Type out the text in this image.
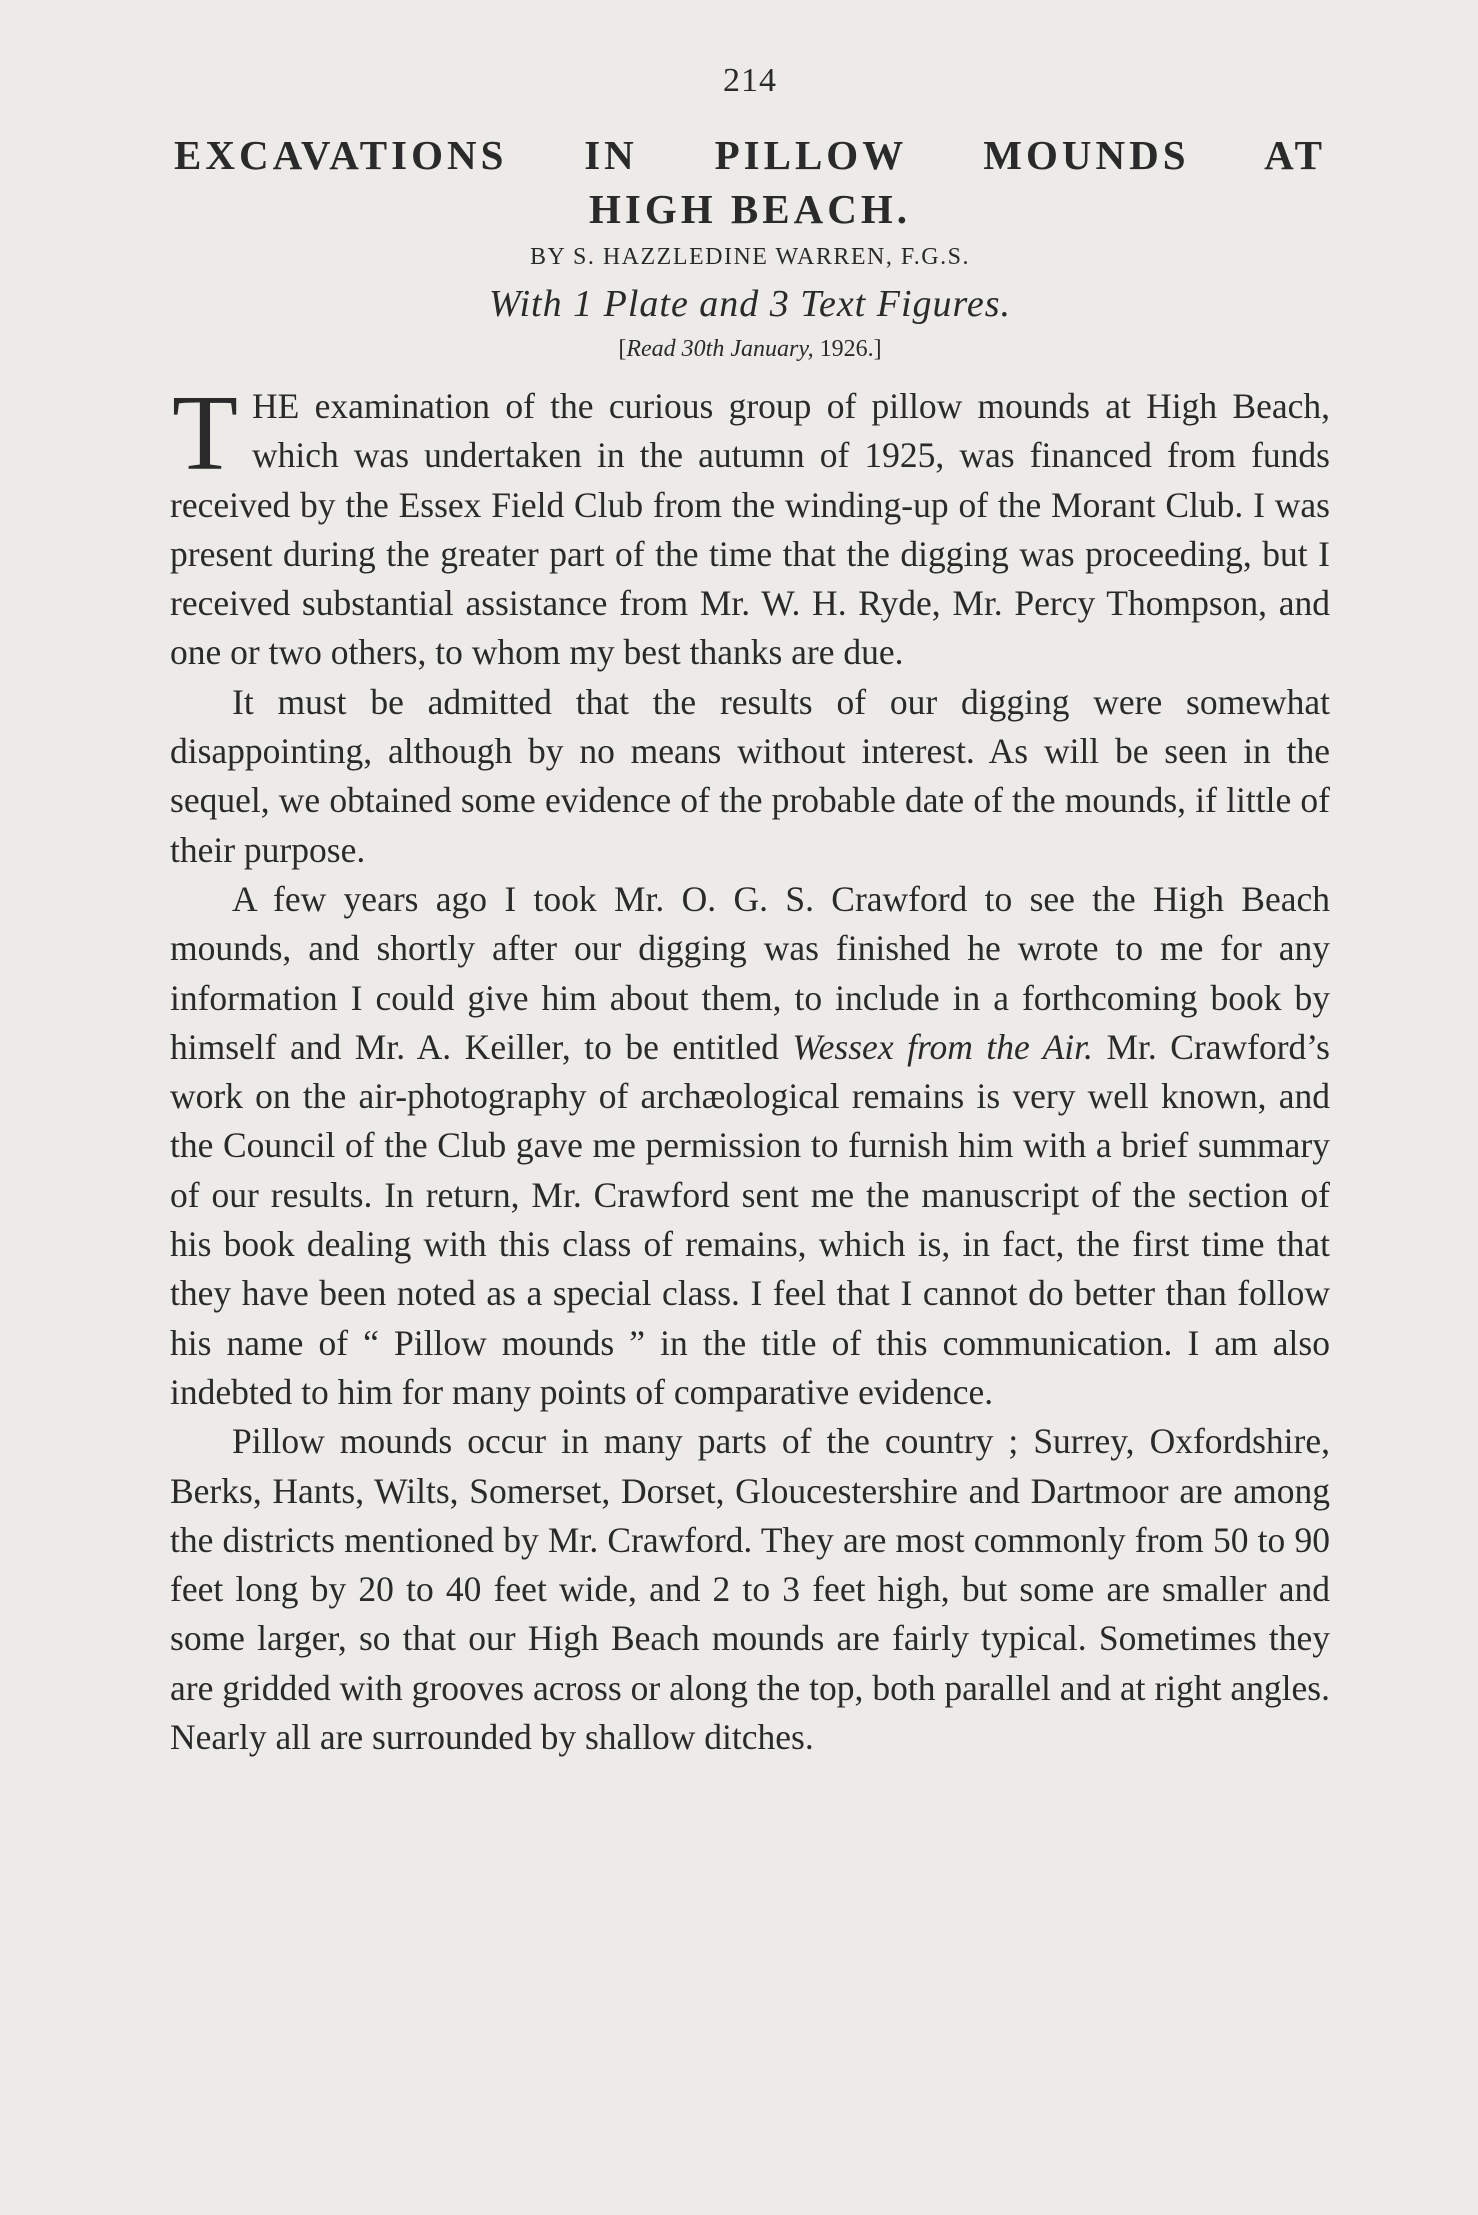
214
EXCAVATIONS IN PILLOW MOUNDS AT
HIGH BEACH.
BY S. HAZZLEDINE WARREN, F.G.S.
With 1 Plate and 3 Text Figures.
[Read 30th January, 1926.]

THE examination of the curious group of pillow mounds at High Beach, which was undertaken in the autumn of 1925, was financed from funds received by the Essex Field Club from the winding-up of the Morant Club. I was present during the greater part of the time that the digging was proceeding, but I received substantial assistance from Mr. W. H. Ryde, Mr. Percy Thompson, and one or two others, to whom my best thanks are due.

It must be admitted that the results of our digging were somewhat disappointing, although by no means without interest. As will be seen in the sequel, we obtained some evidence of the probable date of the mounds, if little of their purpose.

A few years ago I took Mr. O. G. S. Crawford to see the High Beach mounds, and shortly after our digging was finished he wrote to me for any information I could give him about them, to include in a forthcoming book by himself and Mr. A. Keiller, to be entitled Wessex from the Air. Mr. Crawford’s work on the air-photography of archæological remains is very well known, and the Council of the Club gave me permission to furnish him with a brief summary of our results. In return, Mr. Crawford sent me the manuscript of the section of his book dealing with this class of remains, which is, in fact, the first time that they have been noted as a special class. I feel that I cannot do better than follow his name of “ Pillow mounds ” in the title of this communication. I am also indebted to him for many points of comparative evidence.

Pillow mounds occur in many parts of the country ; Surrey, Oxfordshire, Berks, Hants, Wilts, Somerset, Dorset, Gloucestershire and Dartmoor are among the districts mentioned by Mr. Crawford. They are most commonly from 50 to 90 feet long by 20 to 40 feet wide, and 2 to 3 feet high, but some are smaller and some larger, so that our High Beach mounds are fairly typical. Sometimes they are gridded with grooves across or along the top, both parallel and at right angles. Nearly all are surrounded by shallow ditches.
